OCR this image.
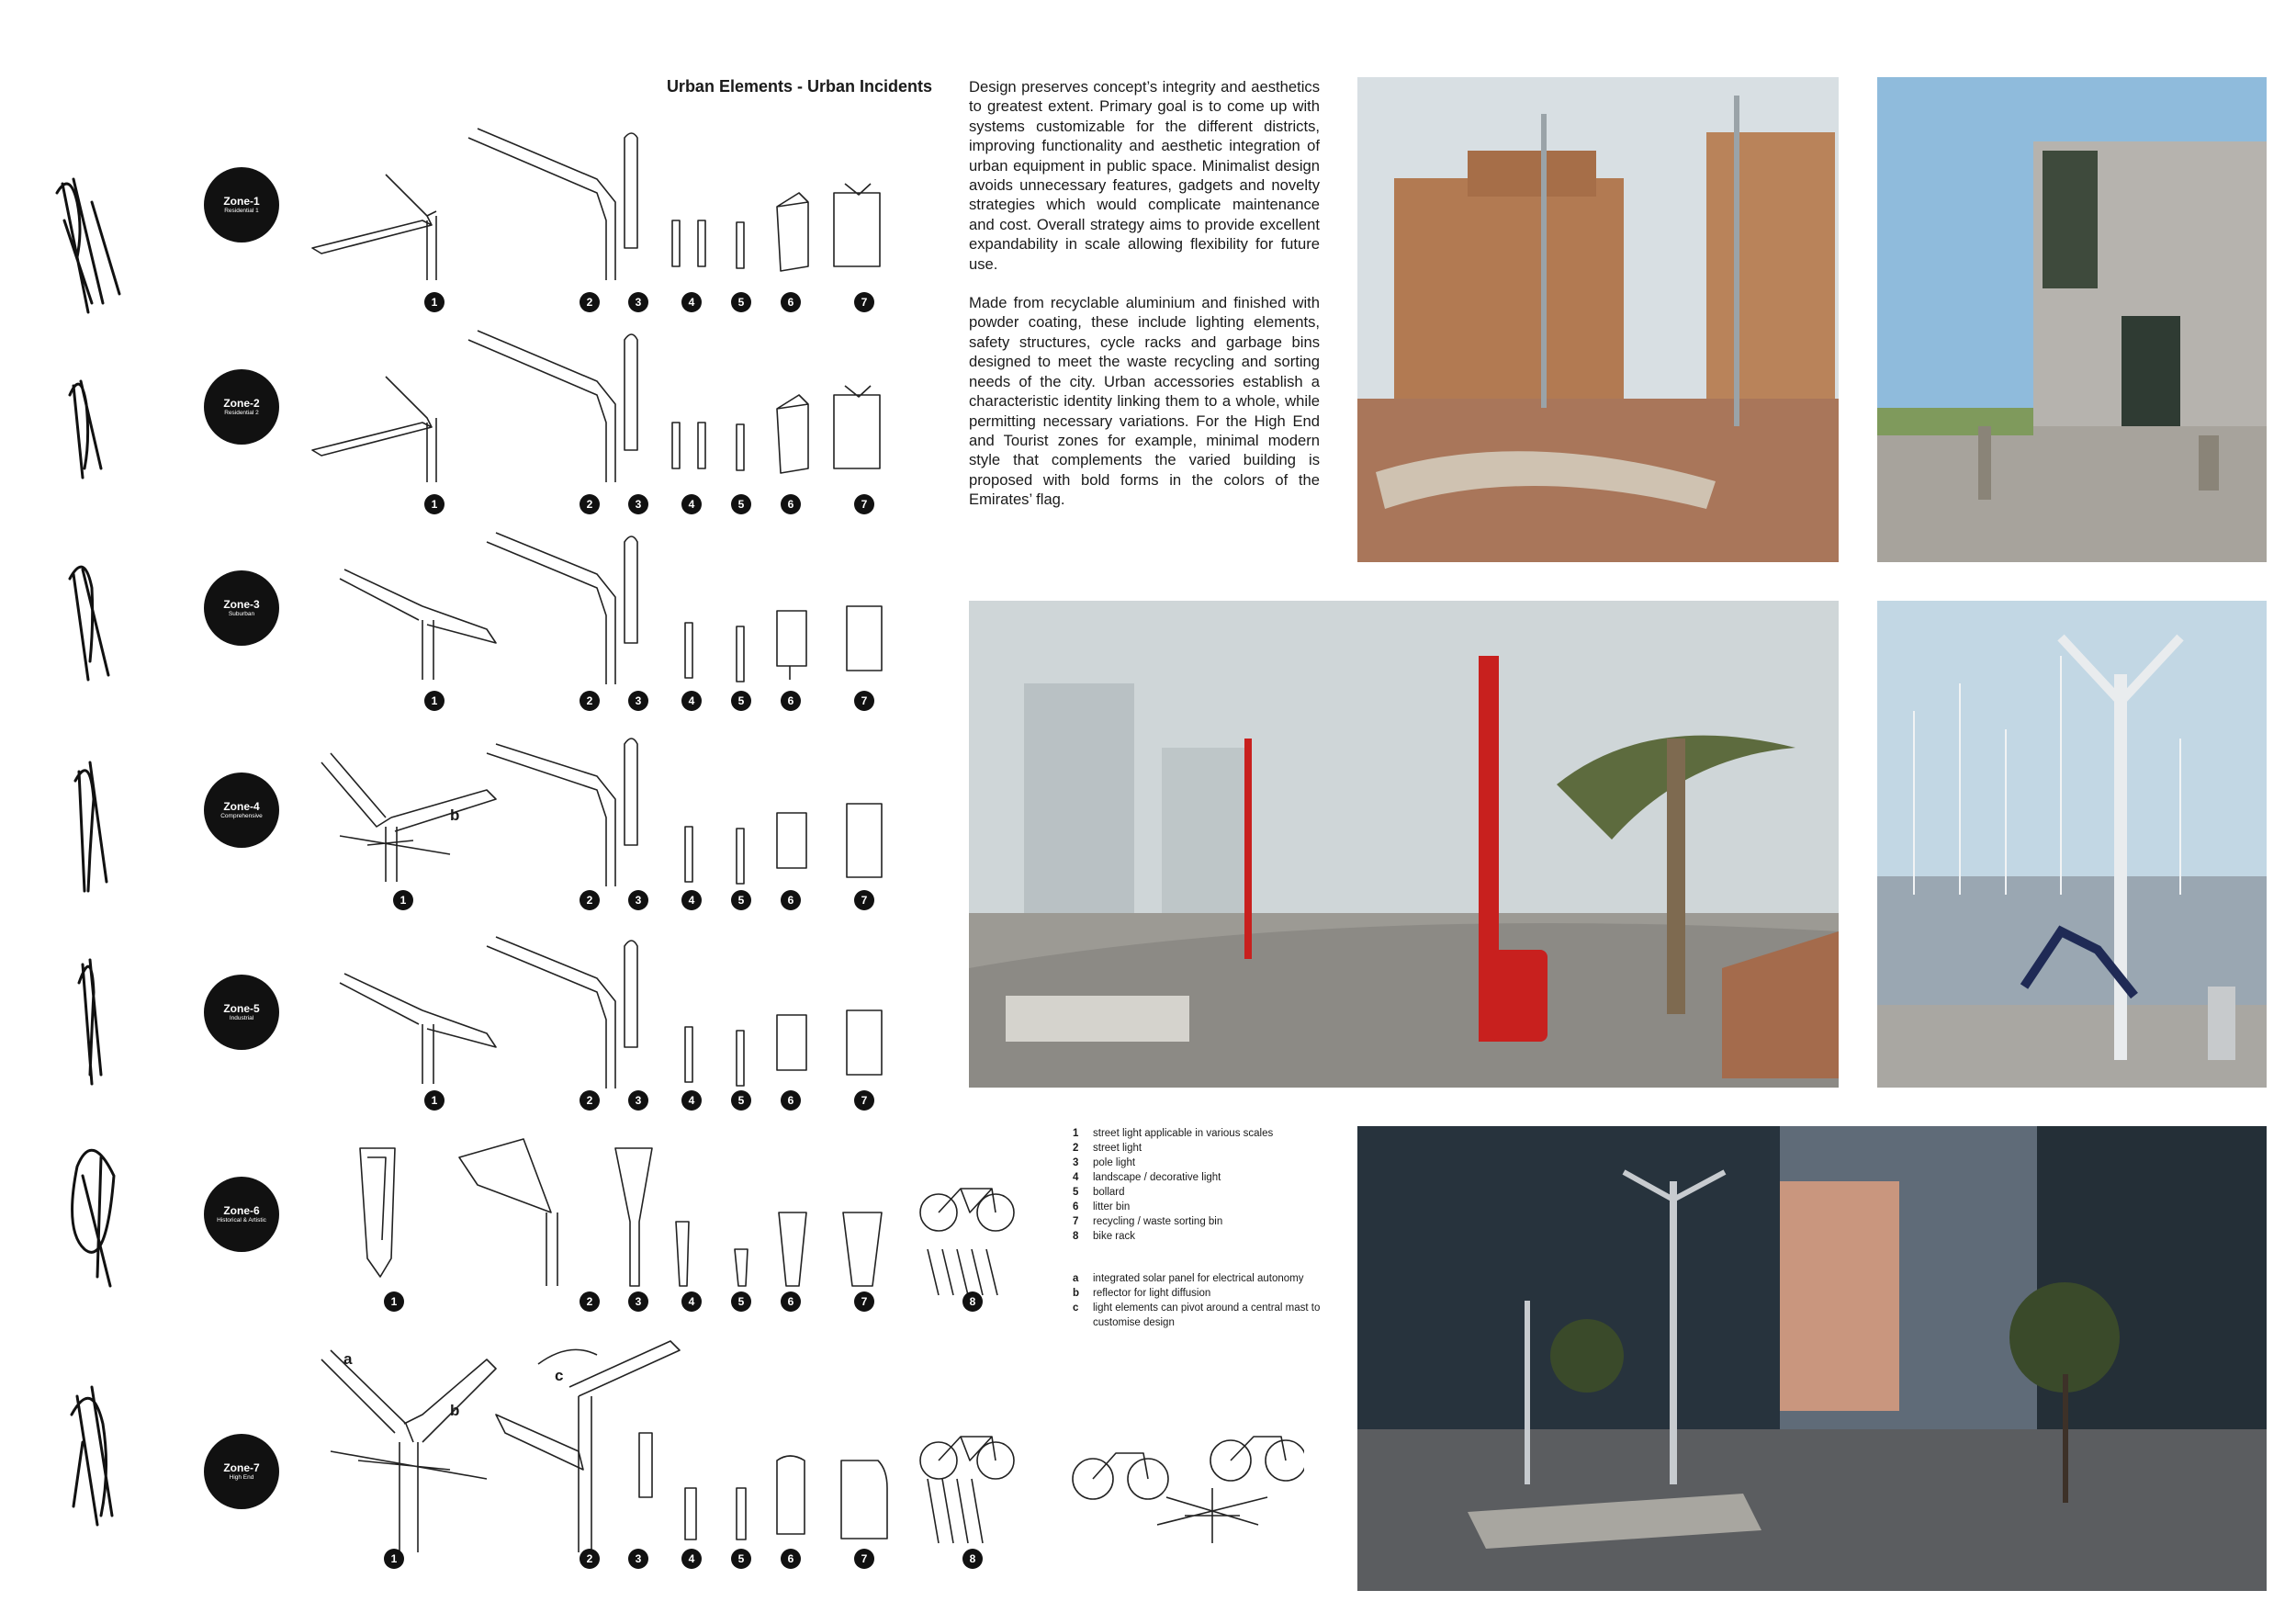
Urban Elements - Urban Incidents Design preserves concept’s integrity and aesthetics to greatest extent. Primary goal is to come up with systems customizable for the different districts, improving functionality and aesthetic integration of urban equipment in public space. Minimalist design avoids unnecessary features, gadgets and novelty strategies which would complicate maintenance and cost. Overall strategy aims to provide excellent expandability in scale allowing flexibility for future use.

Made from recyclable aluminium and finished with powder coating, these include lighting elements, safety structures, cycle racks and garbage bins designed to meet the waste recycling and sorting needs of the city. Urban accessories establish a characteristic identity linking them to a whole, while permitting necessary variations. For the High End and Tourist zones for example, minimal modern style that complements the varied building is proposed with bold forms in the colors of the Emirates’ flag.

Zone-1
Residential 1
Zone-2
Residential 2
Zone-3
Suburban
Zone-4
Comprehensive
Zone-5
Industrial
Zone-6
Historical & Artistic
Zone-7
High End
b
a
b
c
1	2	3	4	5	6	7
1	2	3	4	5	6	7
1	2	3	4	5	6	7
1	2	3	4	5	6	7
1	2	3	4	5	6	7
1	2	3	4	5	6	7	8
1	2	3	4	5	6	7	8
1	street light applicable in various scales
2	street light
3	pole light
4	landscape / decorative light
5	bollard
6	litter bin
7	recycling / waste sorting bin
8	bike rack
a	integrated solar panel for electrical autonomy
b	reflector for light diffusion
c	light elements can pivot around a central mast to customise design
